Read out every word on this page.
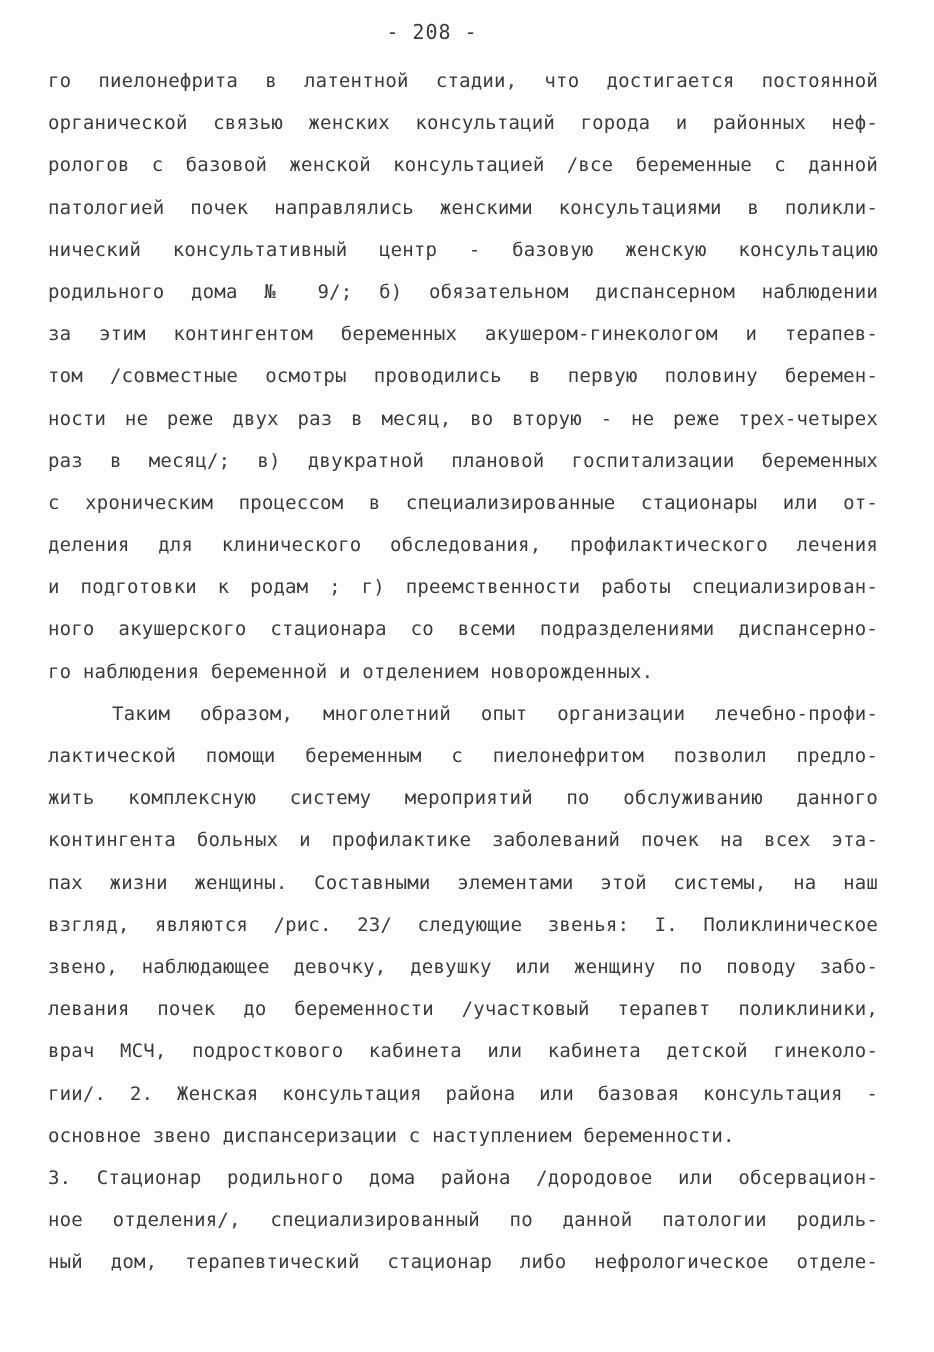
- 208 -
го пиелонефрита в латентной стадии, что достигается постоянной
органической связью женских консультаций города и районных неф-
рологов с базовой женской консультацией /все беременные с данной
патологией почек направлялись женскими консультациями в поликли-
нический консультативный центр - базовую женскую консультацию
родильного дома № 9/; б) обязательном диспансерном наблюдении
за этим контингентом беременных акушером-гинекологом и терапев-
том /совместные осмотры проводились в первую половину беремен-
ности не реже двух раз в месяц, во вторую - не реже трех-четырех
раз в месяц/; в) двукратной плановой госпитализации беременных
с хроническим процессом в специализированные стационары или от-
деления для клинического обследования, профилактического лечения
и подготовки к родам ; г) преемственности работы специализирован-
ного акушерского стационара со всеми подразделениями диспансерно-
го наблюдения беременной и отделением новорожденных.
Таким образом, многолетний опыт организации лечебно-профи-
лактической помощи беременным с пиелонефритом позволил предло-
жить комплексную систему мероприятий по обслуживанию данного
контингента больных и профилактике заболеваний почек на всех эта-
пах жизни женщины. Составными элементами этой системы, на наш
взгляд, являются /рис. 23/ следующие звенья: I. Поликлиническое
звено, наблюдающее девочку, девушку или женщину по поводу забо-
левания почек до беременности /участковый терапевт поликлиники,
врач МСЧ, подросткового кабинета или кабинета детской гинеколо-
гии/. 2. Женская консультация района или базовая консультация -
основное звено диспансеризации с наступлением беременности.
3. Стационар родильного дома района /дородовое или обсервацион-
ное отделения/, специализированный по данной патологии родиль-
ный дом, терапевтический стационар либо нефрологическое отделе-
